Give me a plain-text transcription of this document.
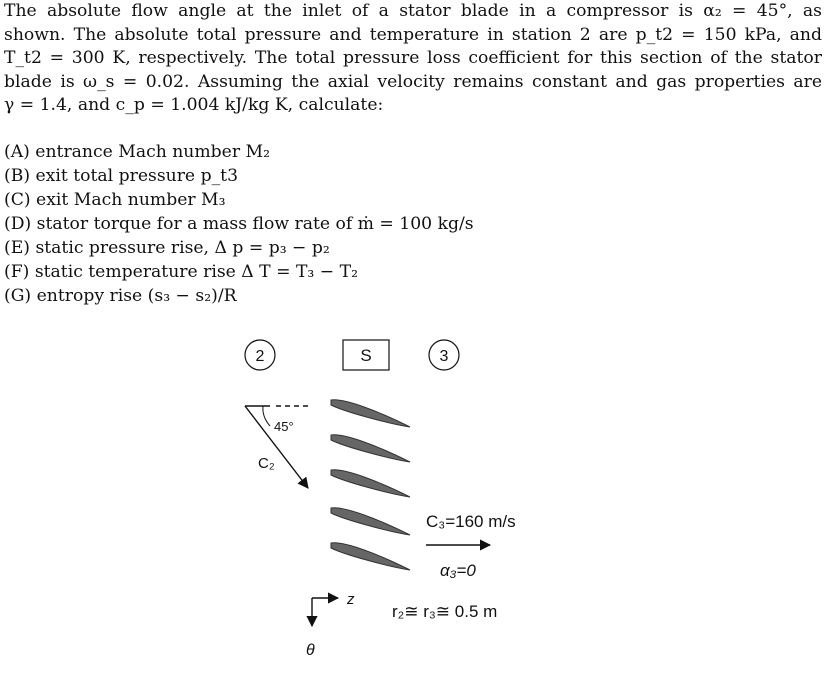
The absolute flow angle at the inlet of a stator blade in a compressor is α₂ = 45°, as
shown. The absolute total pressure and temperature in station 2 are p_t2 = 150 kPa, and
T_t2 = 300 K, respectively. The total pressure loss coefficient for this section of the stator
blade is ω_s = 0.02. Assuming the axial velocity remains constant and gas properties are
γ = 1.4, and c_p = 1.004 kJ/kg K, calculate:
(A) entrance Mach number M₂
(B) exit total pressure p_t3
(C) exit Mach number M₃
(D) stator torque for a mass flow rate of ṁ = 100 kg/s
(E) static pressure rise, Δ p = p₃ − p₂
(F) static temperature rise Δ T = T₃ − T₂
(G) entropy rise (s₃ − s₂)/R
2	S	3
45°
C₂
C₃=160 m/s
α₃=0
z
θ
r₂≅ r₃≅ 0.5 m
